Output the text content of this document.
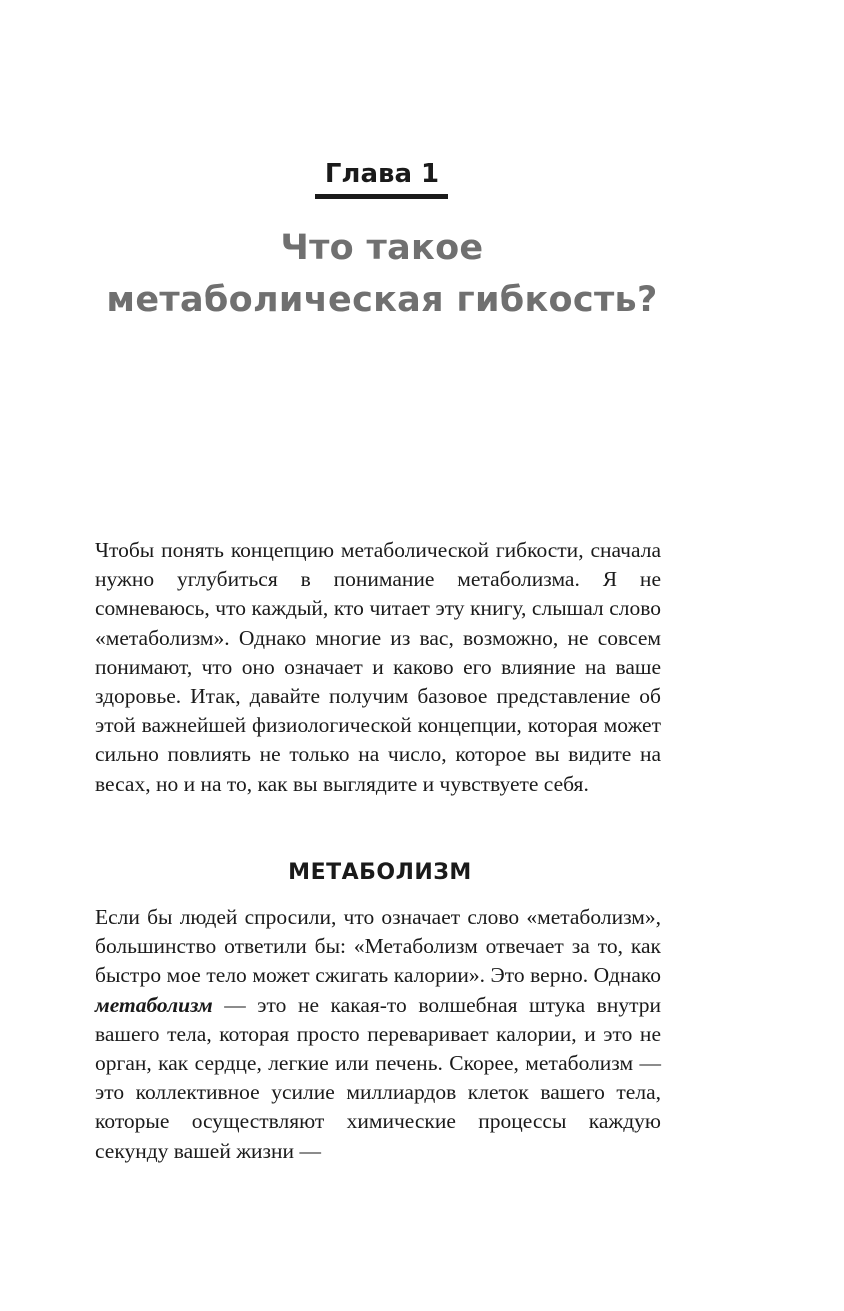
Глава 1
Что такое
метаболическая гибкость?

Чтобы понять концепцию метаболической гибкости, сначала нужно углубиться в понимание метаболизма. Я не сомневаюсь, что каждый, кто читает эту книгу, слышал слово «метаболизм». Однако многие из вас, возможно, не совсем понимают, что оно означает и каково его влияние на ваше здоровье. Итак, давайте получим базовое представление об этой важнейшей физиологической концепции, которая может сильно повлиять не только на число, которое вы видите на весах, но и на то, как вы выглядите и чувствуете себя.

МЕТАБОЛИЗМ

Если бы людей спросили, что означает слово «метаболизм», большинство ответили бы: «Метаболизм отвечает за то, как быстро мое тело может сжигать калории». Это верно. Однако метаболизм — это не какая-то волшебная штука внутри вашего тела, которая просто переваривает калории, и это не орган, как сердце, легкие или печень. Скорее, метаболизм — это коллективное усилие миллиардов клеток вашего тела, которые осуществляют химические процессы каждую секунду вашей жизни —
